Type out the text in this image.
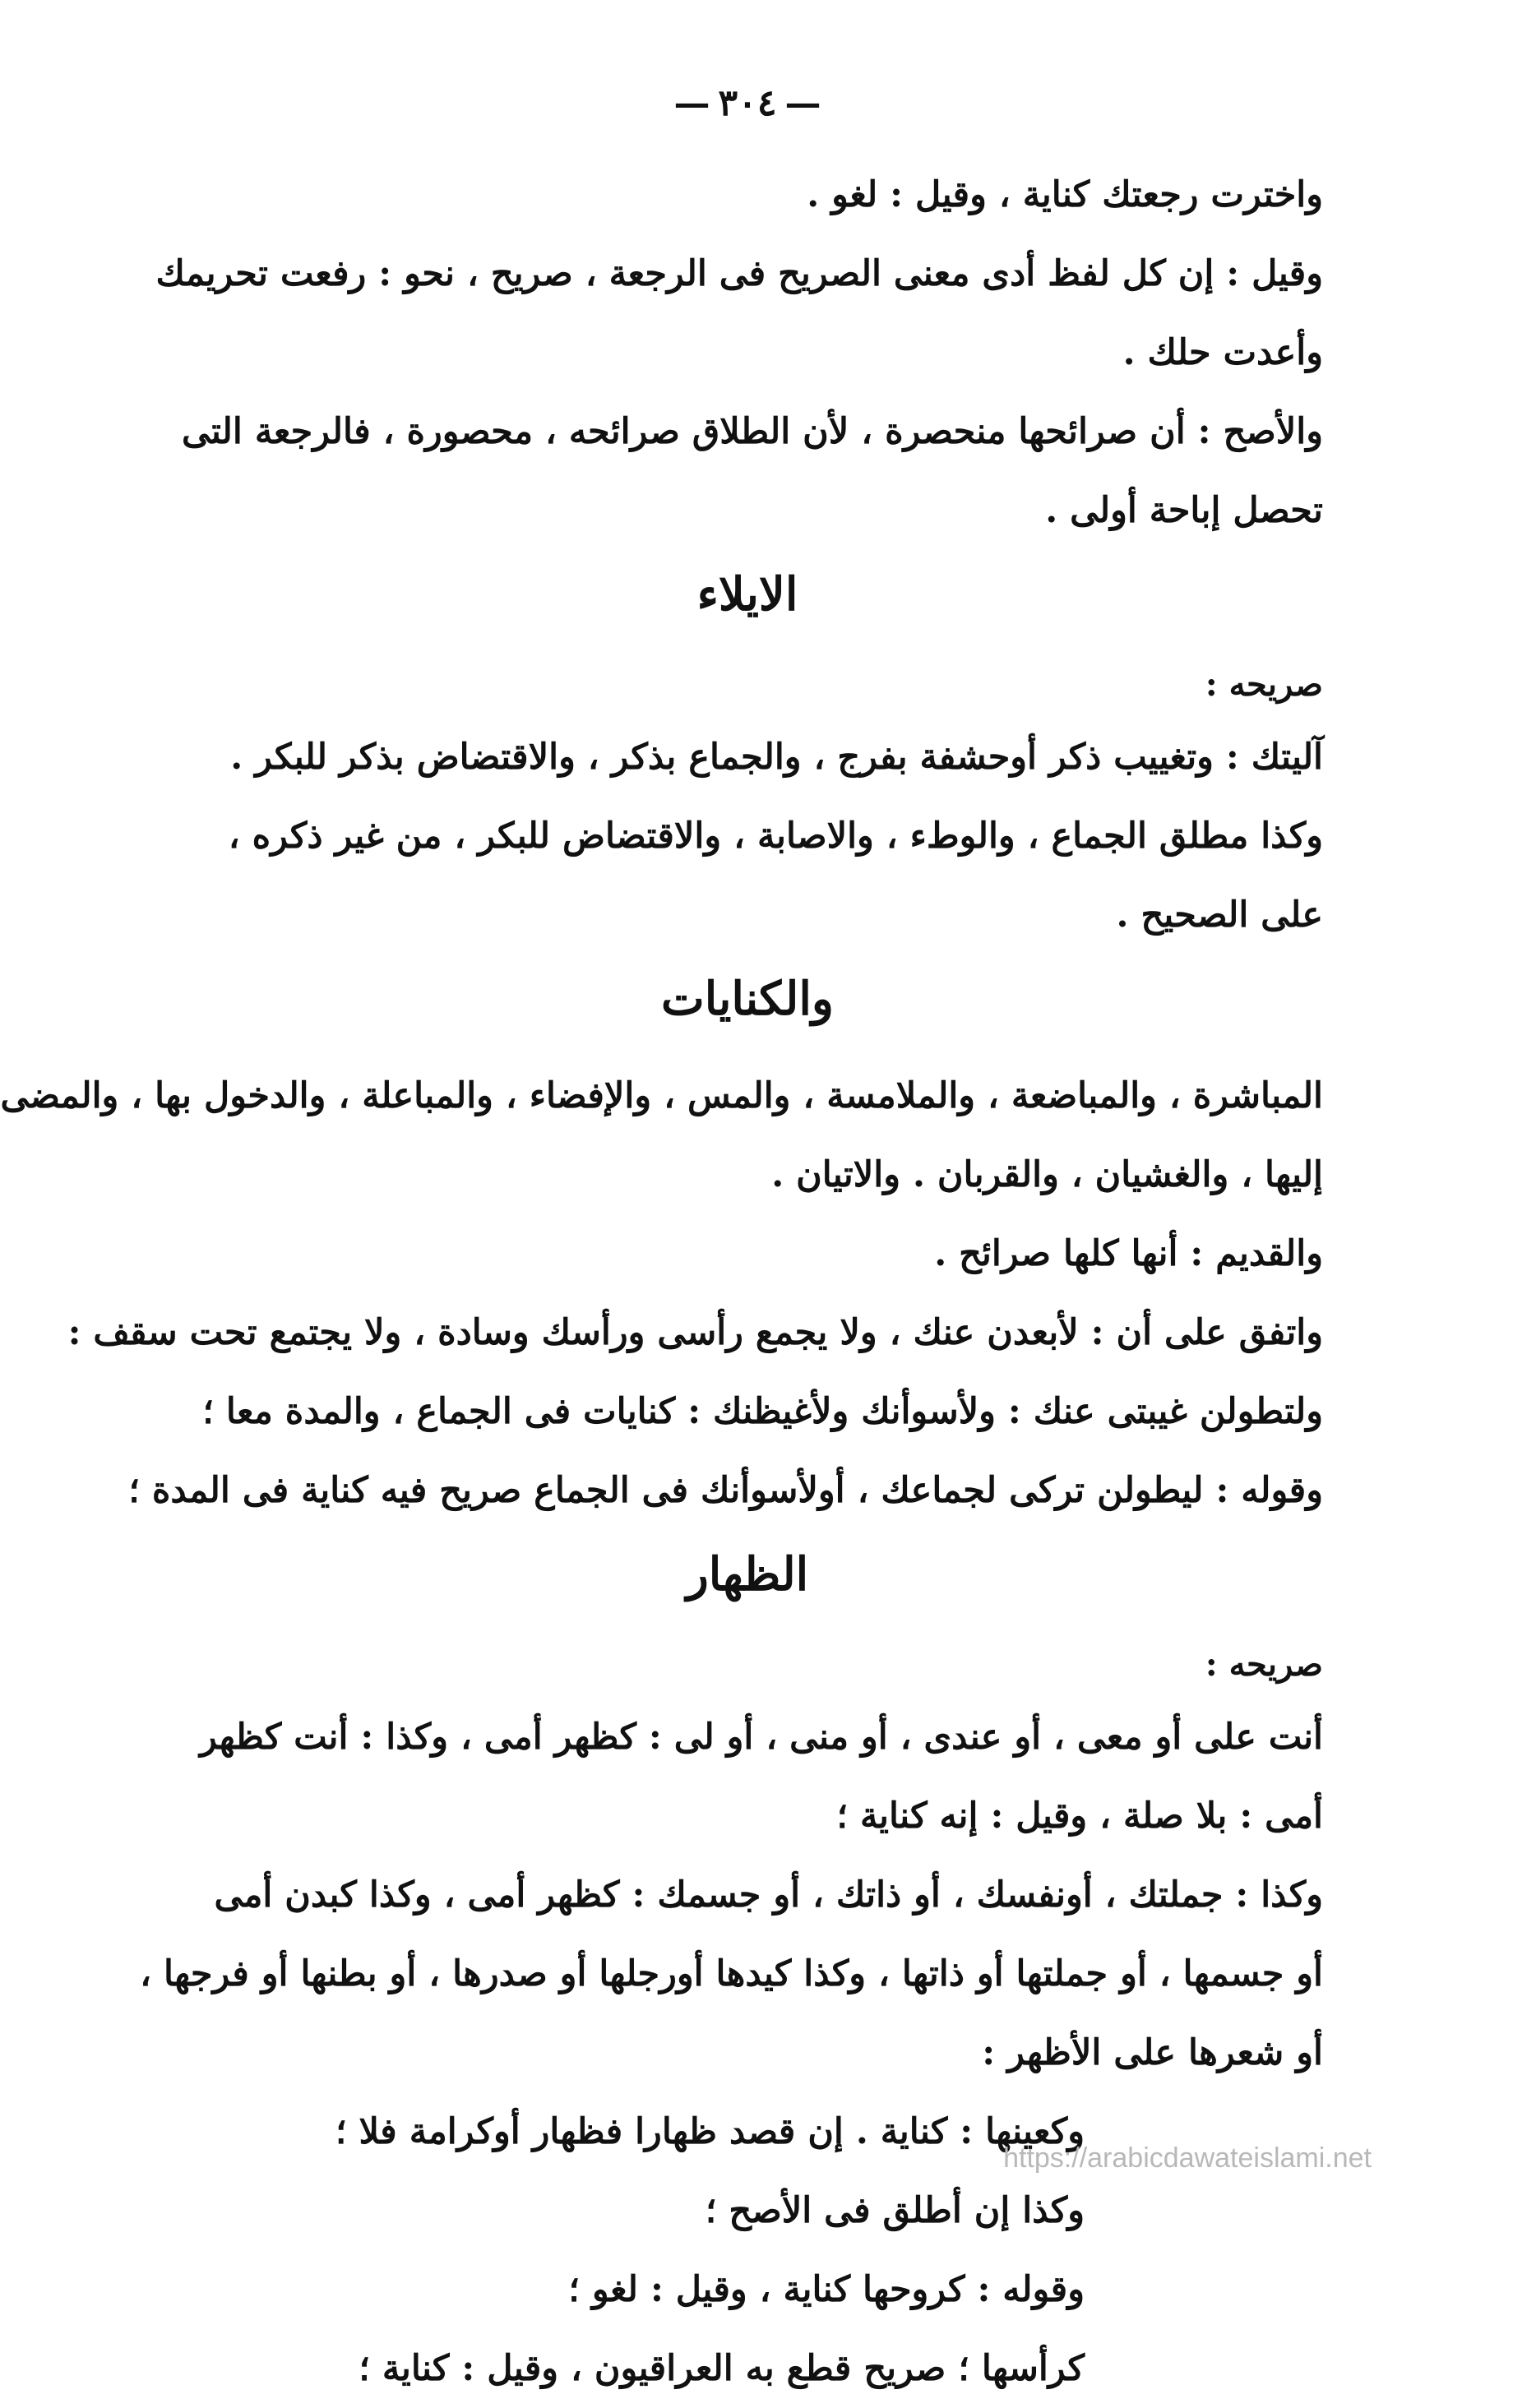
— ٣٠٤ —

واخترت رجعتك كناية ، وقيل : لغو .

وقيل : إن كل لفظ أدى معنى الصريح فى الرجعة ، صريح ، نحو : رفعت تحريمك

وأعدت حلك .

والأصح : أن صرائحها منحصرة ، لأن الطلاق صرائحه ، محصورة ، فالرجعة التى

تحصل إباحة أولى .

الايلاء

صريحه :

آليتك : وتغييب ذكر أوحشفة بفرج ، والجماع بذكر ، والاقتضاض بذكر للبكر .

وكذا مطلق الجماع ، والوطء ، والاصابة ، والاقتضاض للبكر ، من غير ذكره ،

على الصحيح .

والكنايات

المباشرة ، والمباضعة ، والملامسة ، والمس ، والإفضاء ، والمباعلة ، والدخول بها ، والمضى

إليها ، والغشيان ، والقربان . والاتيان .

والقديم : أنها كلها صرائح .

واتفق على أن : لأبعدن عنك ، ولا يجمع رأسى ورأسك وسادة ، ولا يجتمع تحت سقف :

ولتطولن غيبتى عنك : ولأسوأنك ولأغيظنك : كنايات فى الجماع ، والمدة معا ؛

وقوله : ليطولن تركى لجماعك ، أولأسوأنك فى الجماع صريح فيه كناية فى المدة ؛

الظهار

صريحه :

أنت على أو معى ، أو عندى ، أو منى ، أو لى : كظهر أمى ، وكذا : أنت كظهر

أمى : بلا صلة ، وقيل : إنه كناية ؛

وكذا : جملتك ، أونفسك ، أو ذاتك ، أو جسمك : كظهر أمى ، وكذا كبدن أمى

أو جسمها ، أو جملتها أو ذاتها ، وكذا كيدها أورجلها أو صدرها ، أو بطنها أو فرجها ،

أو شعرها على الأظهر :

وكعينها : كناية . إن قصد ظهارا فظهار أوكرامة فلا ؛

وكذا إن أطلق فى الأصح ؛

وقوله : كروحها كناية ، وقيل : لغو ؛

كرأسها ؛ صريح قطع به العراقيون ، وقيل : كناية ؛

https://arabicdawateislami.net
